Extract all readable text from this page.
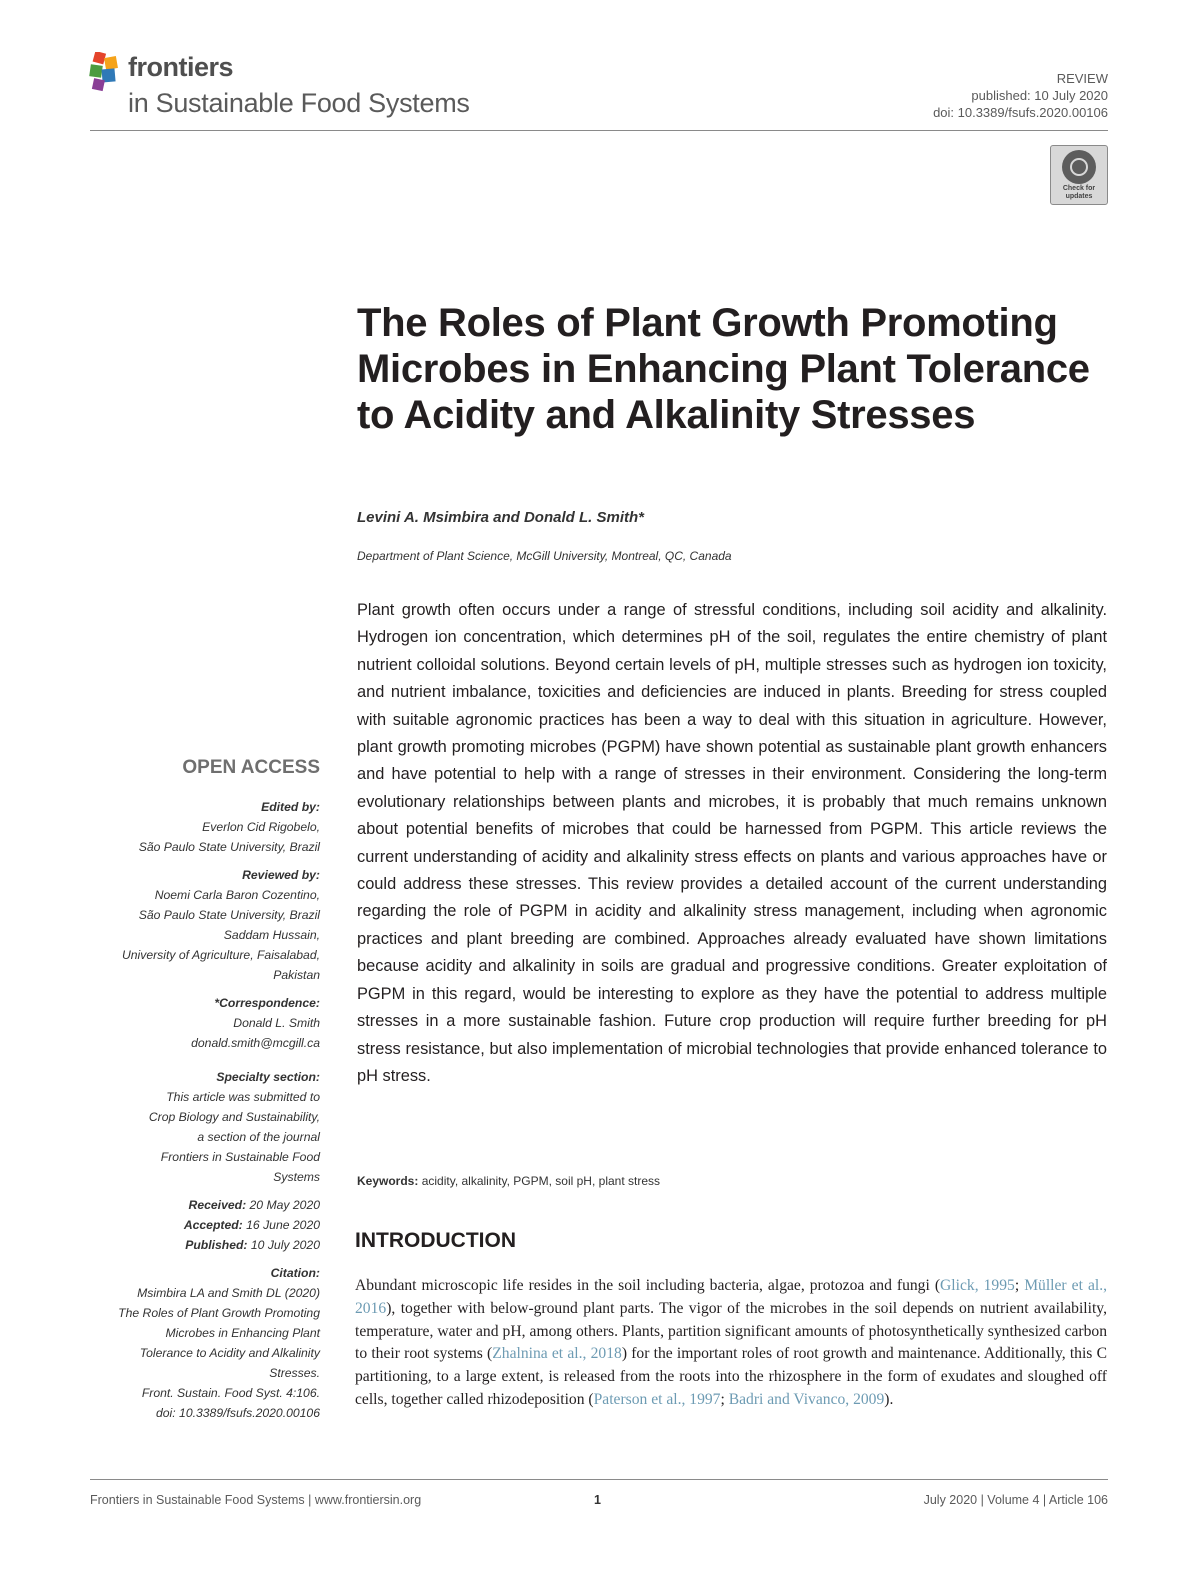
frontiers
in Sustainable Food Systems
REVIEW
published: 10 July 2020
doi: 10.3389/fsufs.2020.00106
Check for updates
The Roles of Plant Growth Promoting Microbes in Enhancing Plant Tolerance to Acidity and Alkalinity Stresses
Levini A. Msimbira and Donald L. Smith*
Department of Plant Science, McGill University, Montreal, QC, Canada
Plant growth often occurs under a range of stressful conditions, including soil acidity and alkalinity. Hydrogen ion concentration, which determines pH of the soil, regulates the entire chemistry of plant nutrient colloidal solutions. Beyond certain levels of pH, multiple stresses such as hydrogen ion toxicity, and nutrient imbalance, toxicities and deficiencies are induced in plants. Breeding for stress coupled with suitable agronomic practices has been a way to deal with this situation in agriculture. However, plant growth promoting microbes (PGPM) have shown potential as sustainable plant growth enhancers and have potential to help with a range of stresses in their environment. Considering the long-term evolutionary relationships between plants and microbes, it is probably that much remains unknown about potential benefits of microbes that could be harnessed from PGPM. This article reviews the current understanding of acidity and alkalinity stress effects on plants and various approaches have or could address these stresses. This review provides a detailed account of the current understanding regarding the role of PGPM in acidity and alkalinity stress management, including when agronomic practices and plant breeding are combined. Approaches already evaluated have shown limitations because acidity and alkalinity in soils are gradual and progressive conditions. Greater exploitation of PGPM in this regard, would be interesting to explore as they have the potential to address multiple stresses in a more sustainable fashion. Future crop production will require further breeding for pH stress resistance, but also implementation of microbial technologies that provide enhanced tolerance to pH stress.
Keywords: acidity, alkalinity, PGPM, soil pH, plant stress
INTRODUCTION
Abundant microscopic life resides in the soil including bacteria, algae, protozoa and fungi (Glick, 1995; Müller et al., 2016), together with below-ground plant parts. The vigor of the microbes in the soil depends on nutrient availability, temperature, water and pH, among others. Plants, partition significant amounts of photosynthetically synthesized carbon to their root systems (Zhalnina et al., 2018) for the important roles of root growth and maintenance. Additionally, this C partitioning, to a large extent, is released from the roots into the rhizosphere in the form of exudates and sloughed off cells, together called rhizodeposition (Paterson et al., 1997; Badri and Vivanco, 2009).
OPEN ACCESS
Edited by:
Everlon Cid Rigobelo,
São Paulo State University, Brazil
Reviewed by:
Noemi Carla Baron Cozentino,
São Paulo State University, Brazil
Saddam Hussain,
University of Agriculture, Faisalabad,
Pakistan
*Correspondence:
Donald L. Smith
donald.smith@mcgill.ca
Specialty section:
This article was submitted to
Crop Biology and Sustainability,
a section of the journal
Frontiers in Sustainable Food
Systems
Received: 20 May 2020
Accepted: 16 June 2020
Published: 10 July 2020
Citation:
Msimbira LA and Smith DL (2020)
The Roles of Plant Growth Promoting
Microbes in Enhancing Plant
Tolerance to Acidity and Alkalinity
Stresses.
Front. Sustain. Food Syst. 4:106.
doi: 10.3389/fsufs.2020.00106
Frontiers in Sustainable Food Systems | www.frontiersin.org	1	July 2020 | Volume 4 | Article 106
